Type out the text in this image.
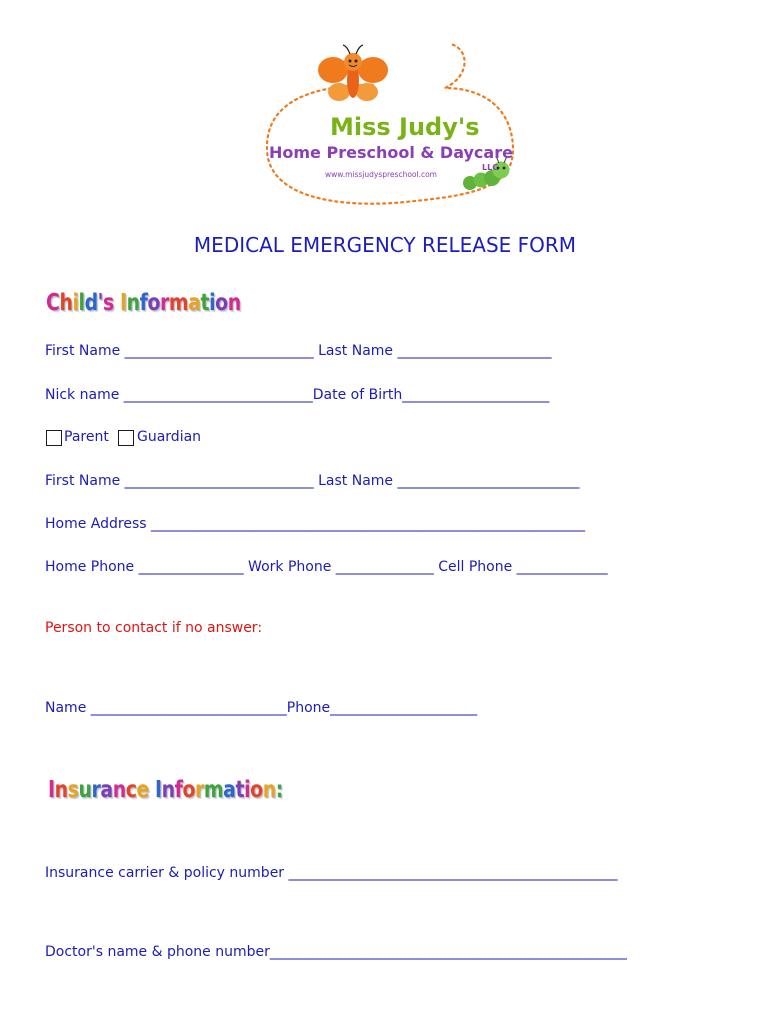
Miss Judy's
Home Preschool & Daycare
LLC
www.missjudyspreschool.com
MEDICAL EMERGENCY RELEASE FORM
Child's Information
First Name ___________________________ Last Name ______________________
Nick name ___________________________Date of Birth_____________________
Parent Guardian
First Name ___________________________ Last Name __________________________
Home Address ______________________________________________________________
Home Phone _______________ Work Phone ______________ Cell Phone _____________
Person to contact if no answer:
Name ____________________________Phone_____________________
Insurance Information:
Insurance carrier & policy number _______________________________________________
Doctor's name & phone number___________________________________________________
